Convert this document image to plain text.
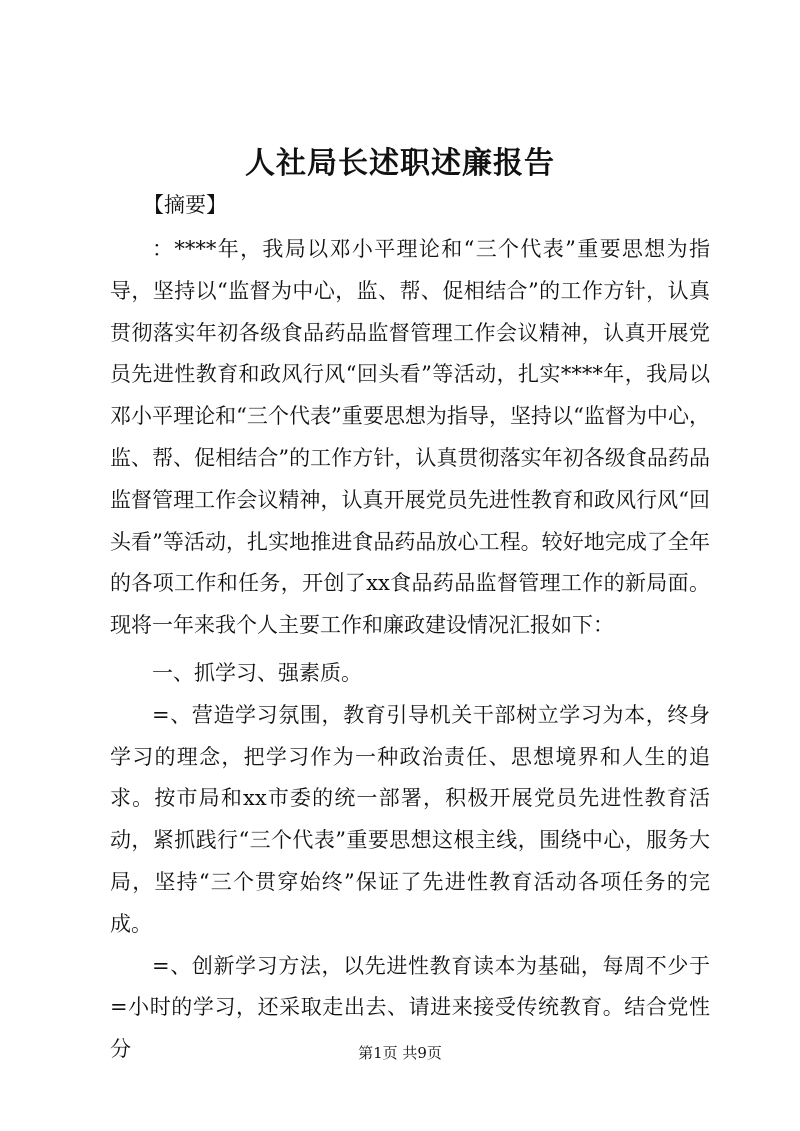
人社局长述职述廉报告
【摘要】

：****年，我局以邓小平理论和“三个代表”重要思想为指导，坚持以“监督为中心，监、帮、促相结合”的工作方针，认真贯彻落实年初各级食品药品监督管理工作会议精神，认真开展党员先进性教育和政风行风“回头看”等活动，扎实****年，我局以邓小平理论和“三个代表”重要思想为指导，坚持以“监督为中心，监、帮、促相结合”的工作方针，认真贯彻落实年初各级食品药品监督管理工作会议精神，认真开展党员先进性教育和政风行风“回头看”等活动，扎实地推进食品药品放心工程。较好地完成了全年的各项工作和任务，开创了xx食品药品监督管理工作的新局面。现将一年来我个人主要工作和廉政建设情况汇报如下：

一、抓学习、强素质。

=、营造学习氛围，教育引导机关干部树立学习为本，终身学习的理念，把学习作为一种政治责任、思想境界和人生的追求。按市局和xx市委的统一部署，积极开展党员先进性教育活动，紧抓践行“三个代表”重要思想这根主线，围绕中心，服务大局，坚持“三个贯穿始终”保证了先进性教育活动各项任务的完成。

=、创新学习方法，以先进性教育读本为基础，每周不少于=小时的学习，还采取走出去、请进来接受传统教育。结合党性分	第1页 共9页
